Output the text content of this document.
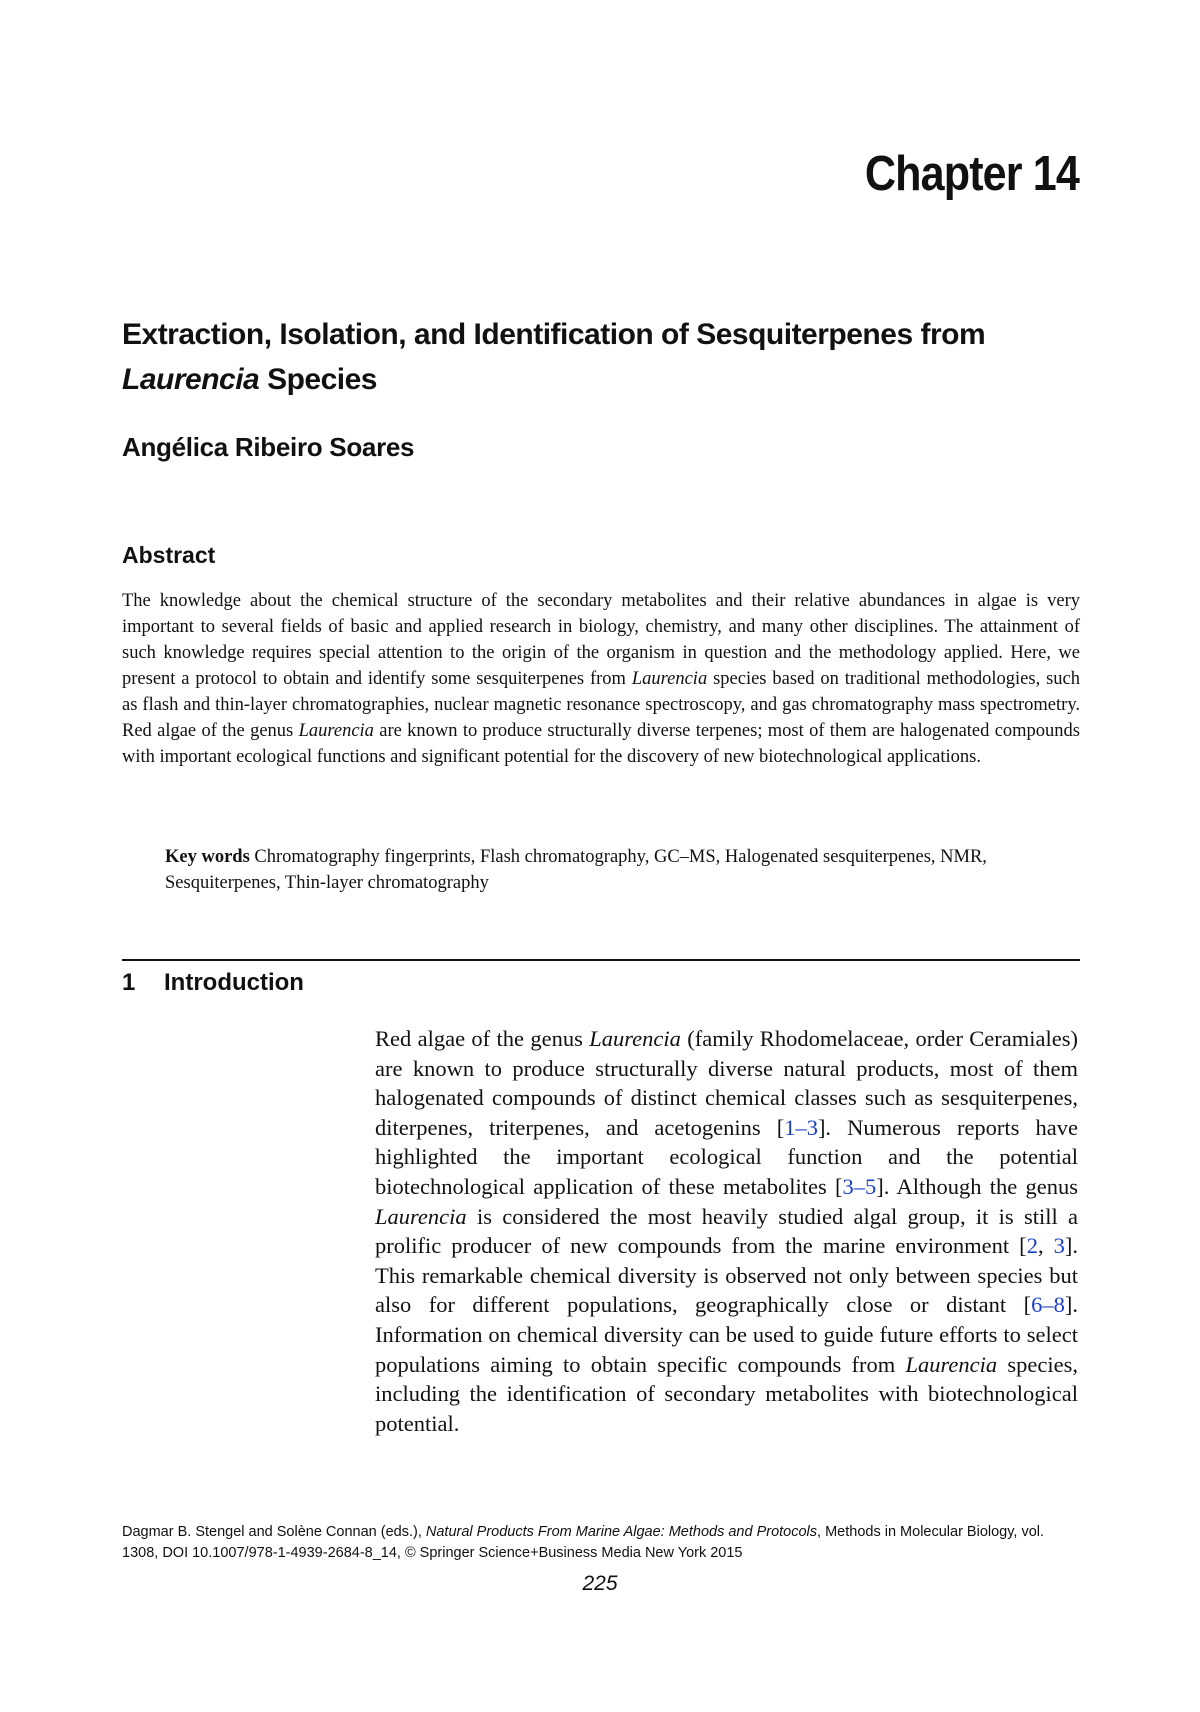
Chapter 14
Extraction, Isolation, and Identification of Sesquiterpenes from Laurencia Species
Angélica Ribeiro Soares
Abstract
The knowledge about the chemical structure of the secondary metabolites and their relative abundances in algae is very important to several fields of basic and applied research in biology, chemistry, and many other disciplines. The attainment of such knowledge requires special attention to the origin of the organism in question and the methodology applied. Here, we present a protocol to obtain and identify some sesquiterpenes from Laurencia species based on traditional methodologies, such as flash and thin-layer chromatographies, nuclear magnetic resonance spectroscopy, and gas chromatography mass spectrometry. Red algae of the genus Laurencia are known to produce structurally diverse terpenes; most of them are halogenated compounds with important ecological functions and significant potential for the discovery of new biotechnological applications.
Key words Chromatography fingerprints, Flash chromatography, GC–MS, Halogenated sesquiterpenes, NMR, Sesquiterpenes, Thin-layer chromatography
1 Introduction
Red algae of the genus Laurencia (family Rhodomelaceae, order Ceramiales) are known to produce structurally diverse natural products, most of them halogenated compounds of distinct chemical classes such as sesquiterpenes, diterpenes, triterpenes, and acetogenins [1–3]. Numerous reports have highlighted the important ecological function and the potential biotechnological application of these metabolites [3–5]. Although the genus Laurencia is considered the most heavily studied algal group, it is still a prolific producer of new compounds from the marine environment [2, 3]. This remarkable chemical diversity is observed not only between species but also for different populations, geographically close or distant [6–8]. Information on chemical diversity can be used to guide future efforts to select populations aiming to obtain specific compounds from Laurencia species, including the identification of secondary metabolites with biotechnological potential.
Dagmar B. Stengel and Solène Connan (eds.), Natural Products From Marine Algae: Methods and Protocols, Methods in Molecular Biology, vol. 1308, DOI 10.1007/978-1-4939-2684-8_14, © Springer Science+Business Media New York 2015
225
